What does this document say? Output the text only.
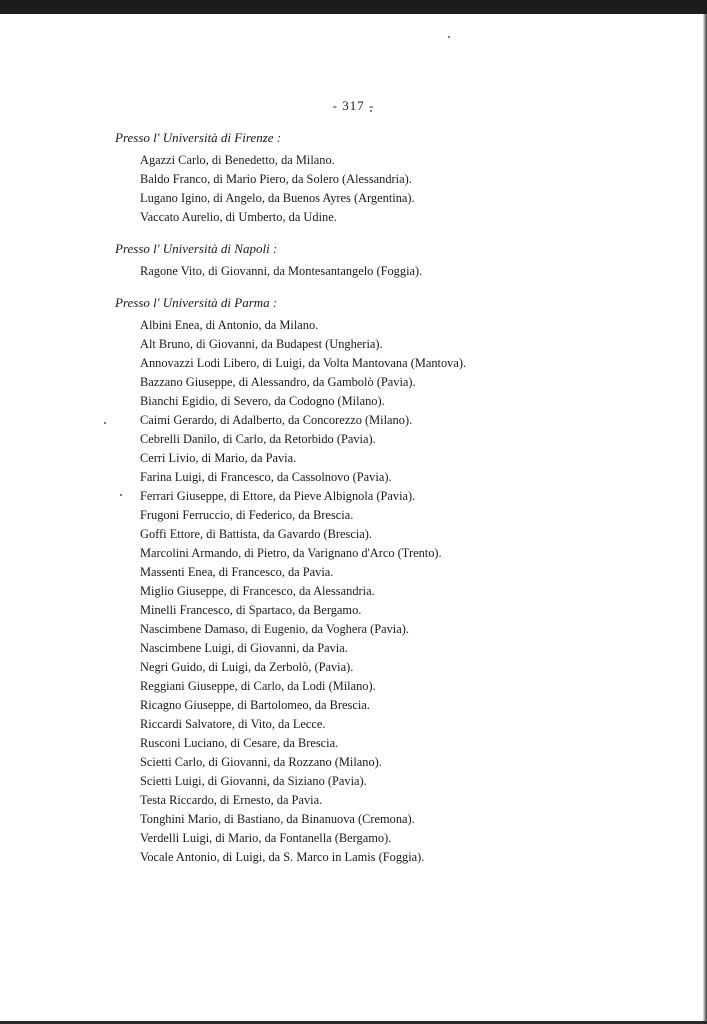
- 317 -
Presso l' Università di Firenze :
Agazzi Carlo, di Benedetto, da Milano.
Baldo Franco, di Mario Piero, da Solero (Alessandria).
Lugano Igino, di Angelo, da Buenos Ayres (Argentina).
Vaccato Aurelio, di Umberto, da Udine.
Presso l' Università di Napoli :
Ragone Vito, di Giovanni, da Montesantangelo (Foggia).
Presso l' Università di Parma :
Albini Enea, di Antonio, da Milano.
Alt Bruno, di Giovanni, da Budapest (Ungheria).
Annovazzi Lodi Libero, di Luigi, da Volta Mantovana (Mantova).
Bazzano Giuseppe, di Alessandro, da Gambolò (Pavia).
Bianchi Egidio, di Severo, da Codogno (Milano).
Caimi Gerardo, di Adalberto, da Concorezzo (Milano).
Cebrelli Danilo, di Carlo, da Retorbido (Pavia).
Cerri Livio, di Mario, da Pavia.
Farina Luigi, di Francesco, da Cassolnovo (Pavia).
Ferrari Giuseppe, di Ettore, da Pieve Albignola (Pavia).
Frugoni Ferruccio, di Federico, da Brescia.
Goffi Ettore, di Battista, da Gavardo (Brescia).
Marcolini Armando, di Pietro, da Varignano d'Arco (Trento).
Massenti Enea, di Francesco, da Pavia.
Miglio Giuseppe, di Francesco, da Alessandria.
Minelli Francesco, di Spartaco, da Bergamo.
Nascimbene Damaso, di Eugenio, da Voghera (Pavia).
Nascimbene Luigi, di Giovanni, da Pavia.
Negri Guido, di Luigi, da Zerbolò, (Pavia).
Reggiani Giuseppe, di Carlo, da Lodi (Milano).
Ricagno Giuseppe, di Bartolomeo, da Brescia.
Riccardi Salvatore, di Vito, da Lecce.
Rusconi Luciano, di Cesare, da Brescia.
Scietti Carlo, di Giovanni, da Rozzano (Milano).
Scietti Luigi, di Giovanni, da Siziano (Pavia).
Testa Riccardo, di Ernesto, da Pavia.
Tonghini Mario, di Bastiano, da Binanuova (Cremona).
Verdelli Luigi, di Mario, da Fontanella (Bergamo).
Vocale Antonio, di Luigi, da S. Marco in Lamis (Foggia).
